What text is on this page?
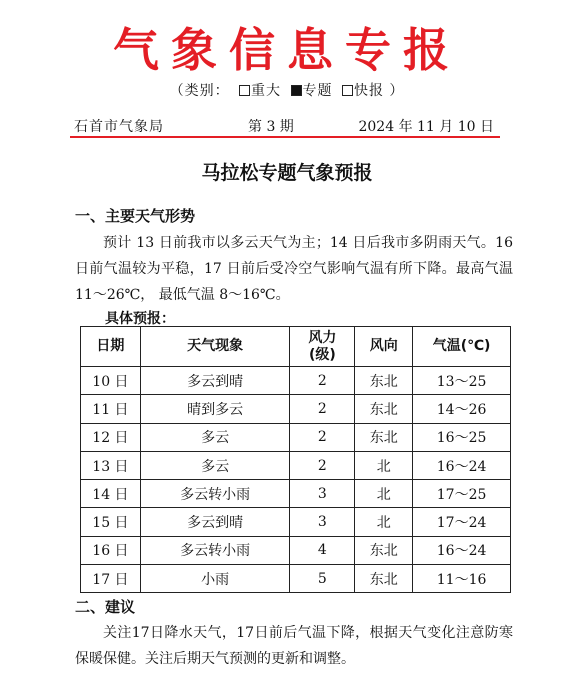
气象信息专报
（类别： 重大 专题 快报 ）
石首市气象局	第 3 期	2024 年 11 月 10 日
马拉松专题气象预报
一、主要天气形势
预计 13 日前我市以多云天气为主；14 日后我市多阴雨天气。16 日前气温较为平稳，17 日前后受冷空气影响气温有所下降。最高气温 11～26℃， 最低气温 8～16℃。
具体预报：
日期	天气现象	风力(级)	风向	气温(℃)
10 日	多云到晴	2	东北	13～25
11 日	晴到多云	2	东北	14～26
12 日	多云	2	东北	16～25
13 日	多云	2	北	16～24
14 日	多云转小雨	3	北	17～25
15 日	多云到晴	3	北	17～24
16 日	多云转小雨	4	东北	16～24
17 日	小雨	5	东北	11～16
二、建议
关注17日降水天气，17日前后气温下降，根据天气变化注意防寒保暖保健。关注后期天气预测的更新和调整。
